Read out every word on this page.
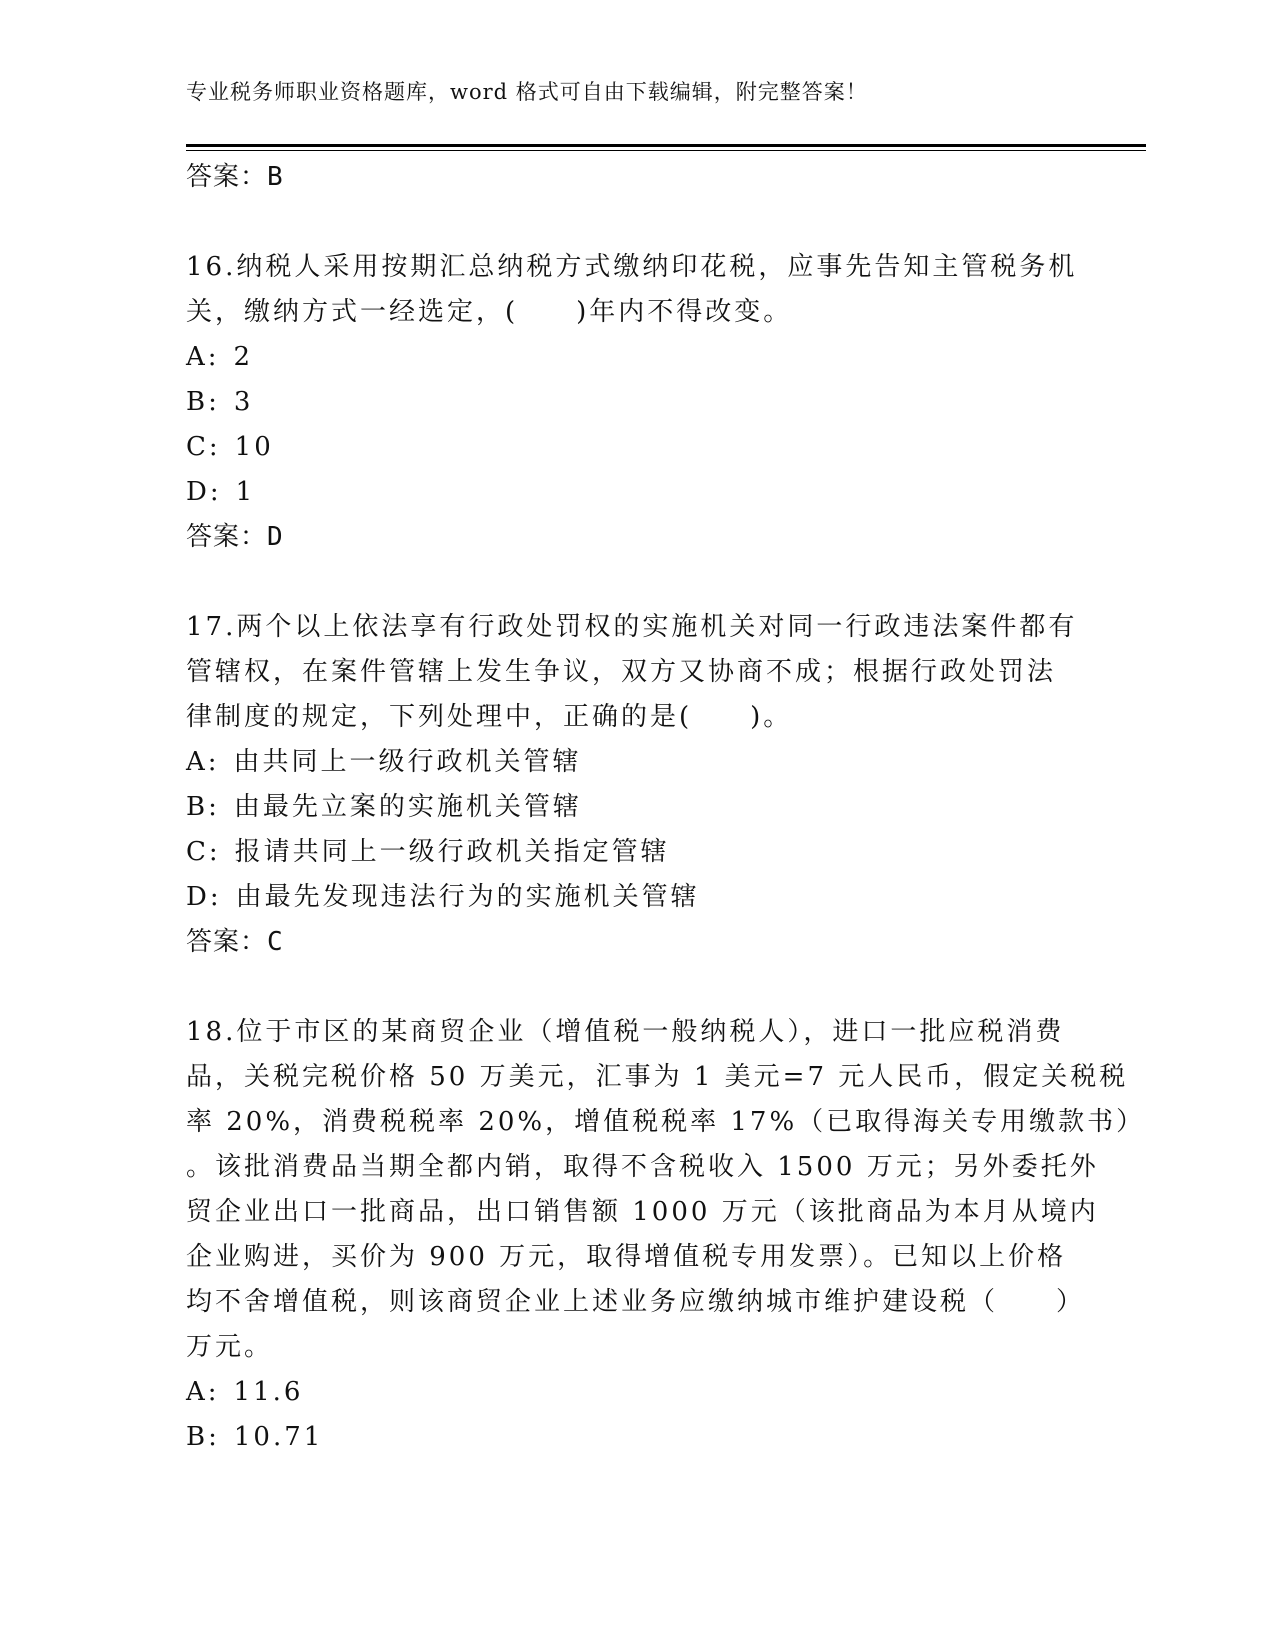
专业税务师职业资格题库，word 格式可自由下载编辑，附完整答案！
答案：B
16.纳税人采用按期汇总纳税方式缴纳印花税，应事先告知主管税务机
关，缴纳方式一经选定，(　　)年内不得改变。
A: 2
B: 3
C: 10
D: 1
答案：D
17.两个以上依法享有行政处罚权的实施机关对同一行政违法案件都有
管辖权，在案件管辖上发生争议，双方又协商不成；根据行政处罚法
律制度的规定，下列处理中，正确的是(　　)。
A: 由共同上一级行政机关管辖
B: 由最先立案的实施机关管辖
C: 报请共同上一级行政机关指定管辖
D: 由最先发现违法行为的实施机关管辖
答案：C
18.位于市区的某商贸企业（增值税一般纳税人），进口一批应税消费
品，关税完税价格 50 万美元，汇事为 1 美元=7 元人民币，假定关税税
率 20%，消费税税率 20%，增值税税率 17%（已取得海关专用缴款书）
。该批消费品当期全都内销，取得不含税收入 1500 万元；另外委托外
贸企业出口一批商品，出口销售额 1000 万元（该批商品为本月从境内
企业购进，买价为 900 万元，取得增值税专用发票）。已知以上价格
均不舍增值税，则该商贸企业上述业务应缴纳城市维护建设税（　　）
万元。
A: 11.6
B: 10.71
